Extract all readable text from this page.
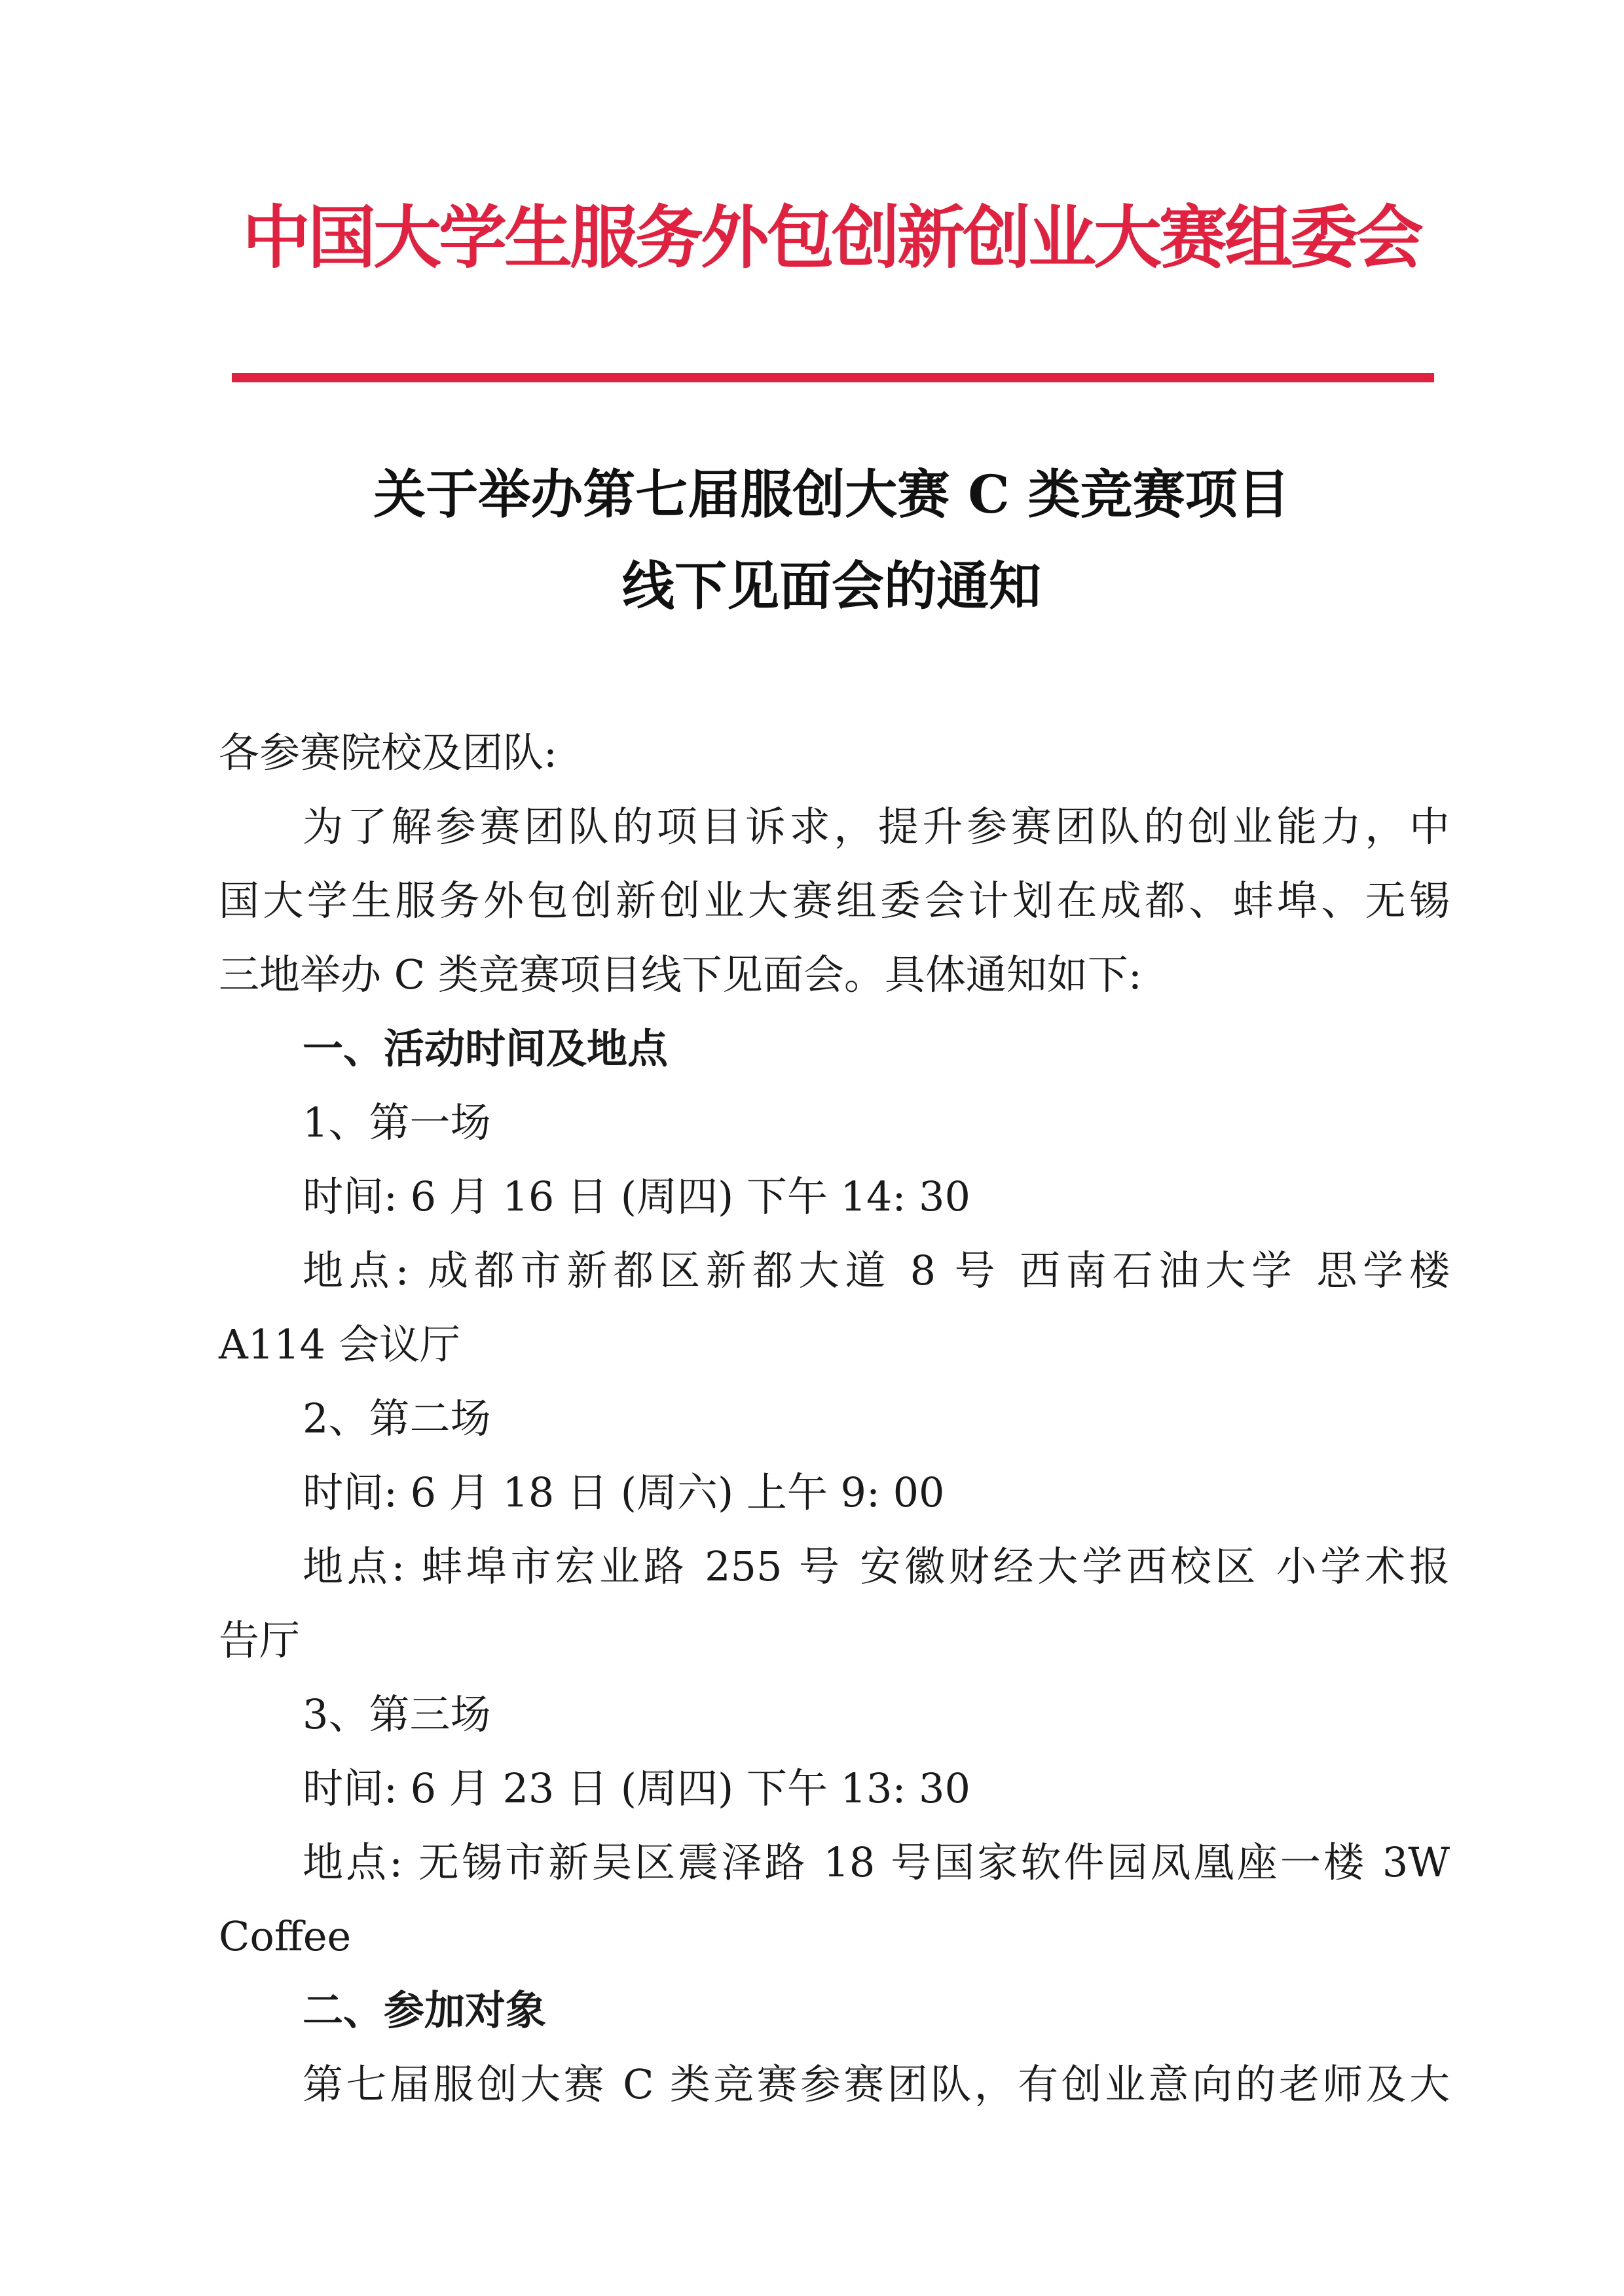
中国大学生服务外包创新创业大赛组委会
关于举办第七届服创大赛 C 类竞赛项目
线下见面会的通知
各参赛院校及团队:
为了解参赛团队的项目诉求，提升参赛团队的创业能力，中
国大学生服务外包创新创业大赛组委会计划在成都、蚌埠、无锡
三地举办 C 类竞赛项目线下见面会。具体通知如下:
一、活动时间及地点
1、第一场
时间: 6 月 16 日 (周四) 下午 14: 30
地点: 成都市新都区新都大道 8 号 西南石油大学 思学楼
A114 会议厅
2、第二场
时间: 6 月 18 日 (周六) 上午 9: 00
地点: 蚌埠市宏业路 255 号 安徽财经大学西校区 小学术报
告厅
3、第三场
时间: 6 月 23 日 (周四) 下午 13: 30
地点: 无锡市新吴区震泽路 18 号国家软件园凤凰座一楼 3W
Coffee
二、参加对象
第七届服创大赛 C 类竞赛参赛团队，有创业意向的老师及大
